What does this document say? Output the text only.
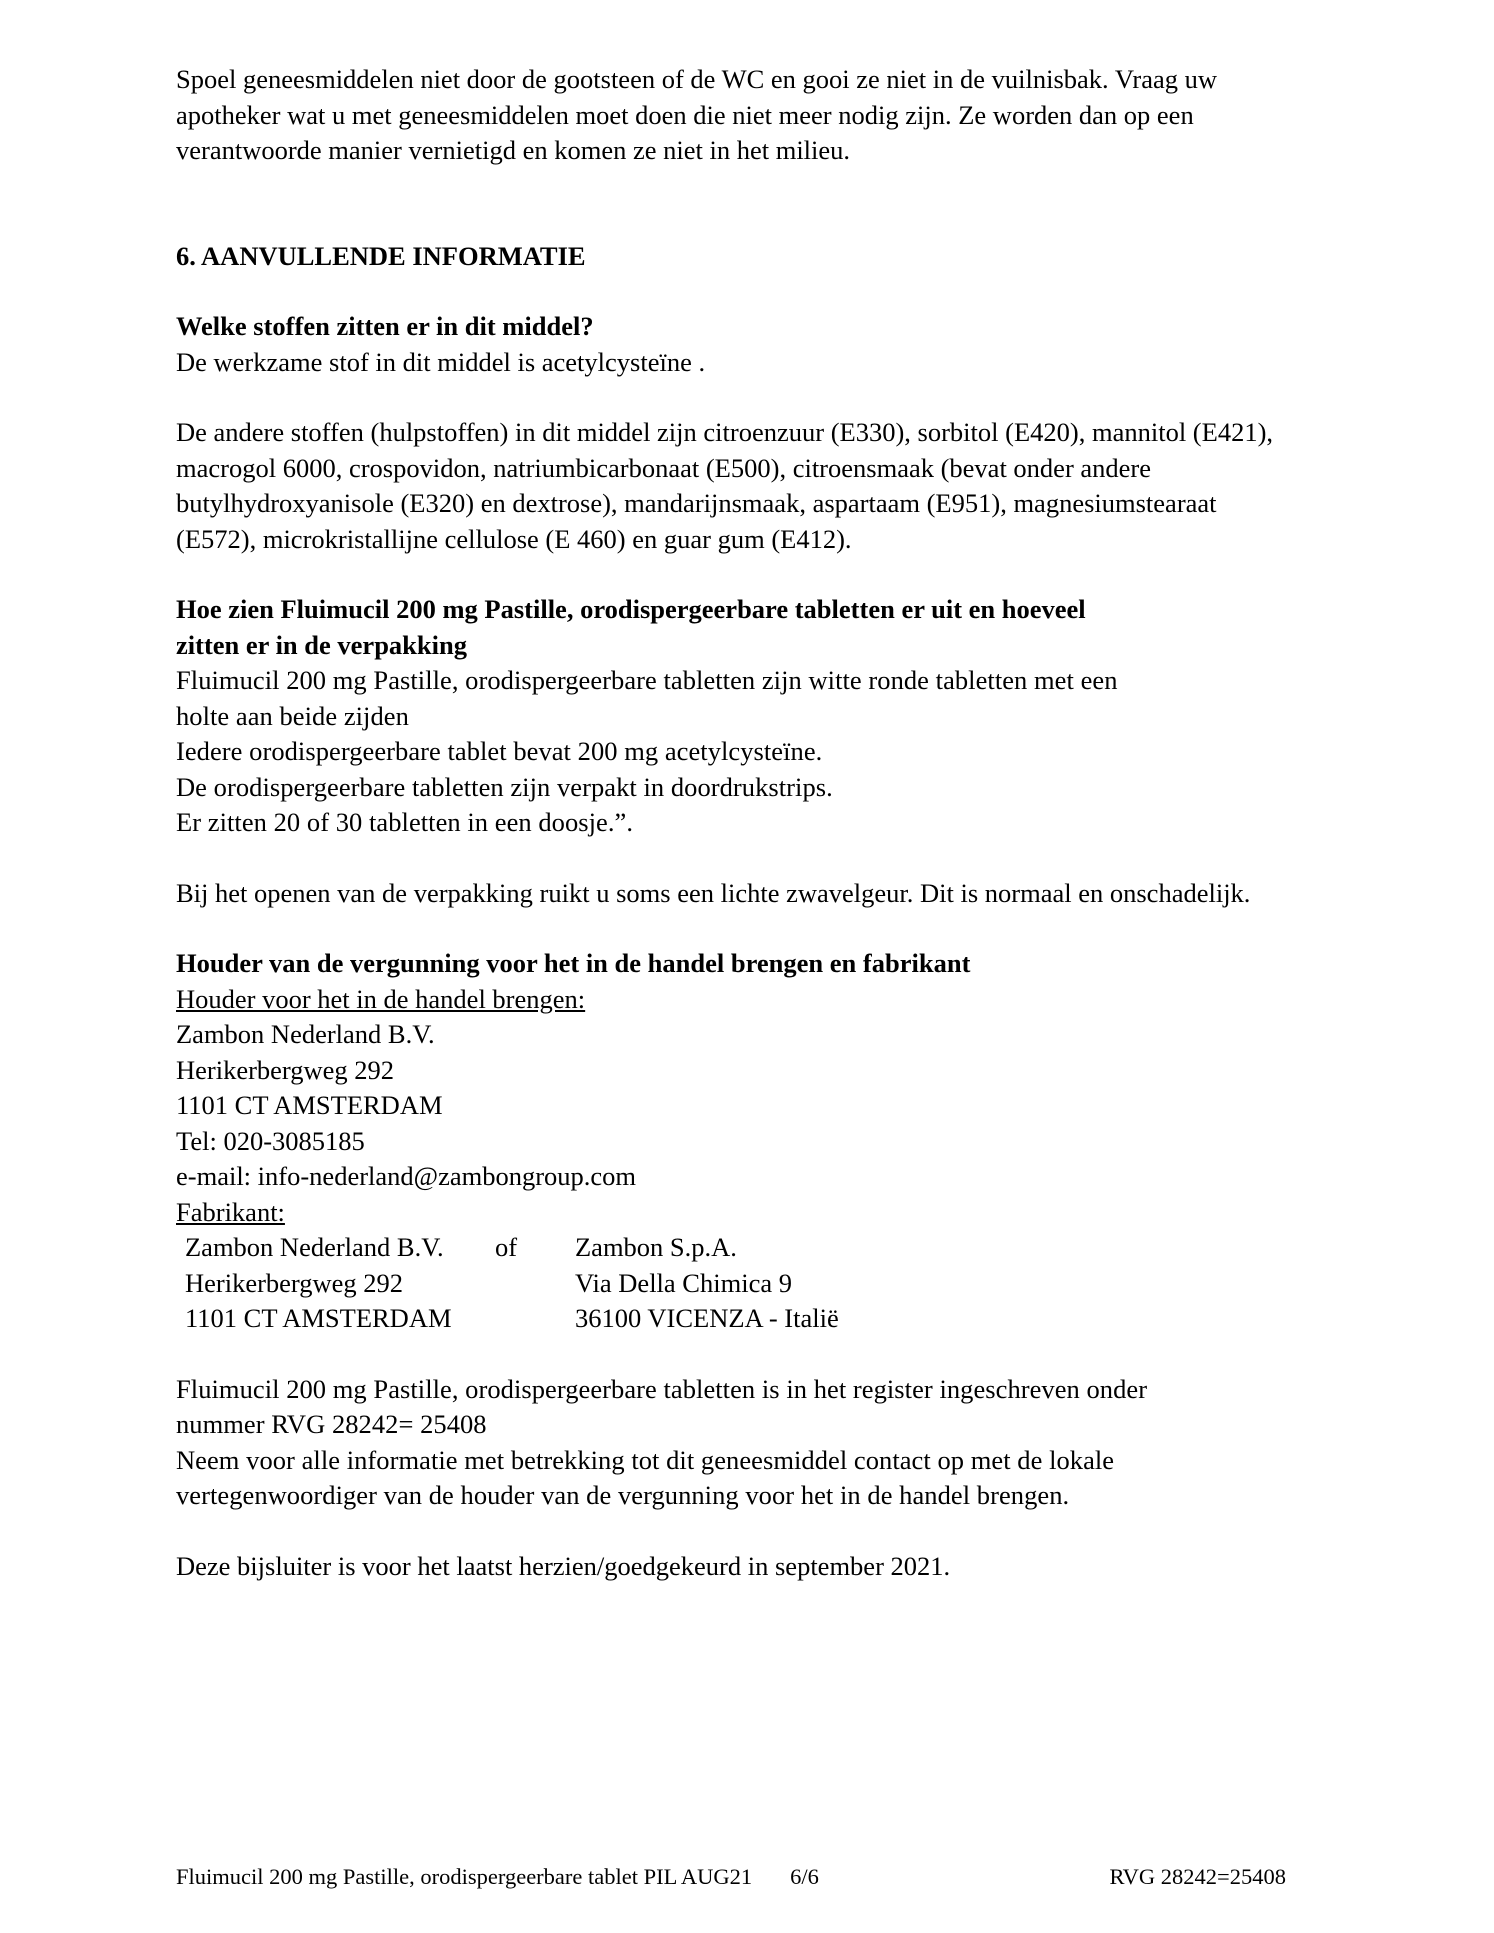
Spoel geneesmiddelen niet door de gootsteen of de WC en gooi ze niet in de vuilnisbak. Vraag uw apotheker wat u met geneesmiddelen moet doen die niet meer nodig zijn. Ze worden dan op een verantwoorde manier vernietigd en komen ze niet in het milieu.

6. AANVULLENDE INFORMATIE

Welke stoffen zitten er in dit middel?

De werkzame stof in dit middel is acetylcysteïne .

De andere stoffen (hulpstoffen) in dit middel zijn citroenzuur (E330), sorbitol (E420), mannitol (E421), macrogol 6000, crospovidon, natriumbicarbonaat (E500), citroensmaak (bevat onder andere butylhydroxyanisole (E320) en dextrose), mandarijnsmaak, aspartaam (E951), magnesiumstearaat (E572), microkristallijne cellulose (E 460) en guar gum (E412).

Hoe zien Fluimucil 200 mg Pastille, orodispergeerbare tabletten er uit en hoeveel

zitten er in de verpakking

Fluimucil 200 mg Pastille, orodispergeerbare tabletten zijn witte ronde tabletten met een
holte aan beide zijden
Iedere orodispergeerbare tablet bevat 200 mg acetylcysteïne.
De orodispergeerbare tabletten zijn verpakt in doordrukstrips.
Er zitten 20 of 30 tabletten in een doosje.”.

Bij het openen van de verpakking ruikt u soms een lichte zwavelgeur. Dit is normaal en onschadelijk.

Houder van de vergunning voor het in de handel brengen en fabrikant

Houder voor het in de handel brengen:

Zambon Nederland B.V.
Herikerbergweg 292
1101 CT AMSTERDAM
Tel: 020-3085185
e-mail: info-nederland@zambongroup.com

Fabrikant:

Zambon Nederland B.V.	of	Zambon S.p.A.
Herikerbergweg 292		Via Della Chimica 9
1101 CT AMSTERDAM		36100 VICENZA - Italië
Fluimucil 200 mg Pastille, orodispergeerbare tabletten is in het register ingeschreven onder
nummer RVG 28242= 25408
Neem voor alle informatie met betrekking tot dit geneesmiddel contact op met de lokale
vertegenwoordiger van de houder van de vergunning voor het in de handel brengen.

Deze bijsluiter is voor het laatst herzien/goedgekeurd in september 2021.

Fluimucil 200 mg Pastille, orodispergeerbare tablet PIL AUG21 6/6	RVG 28242=25408
